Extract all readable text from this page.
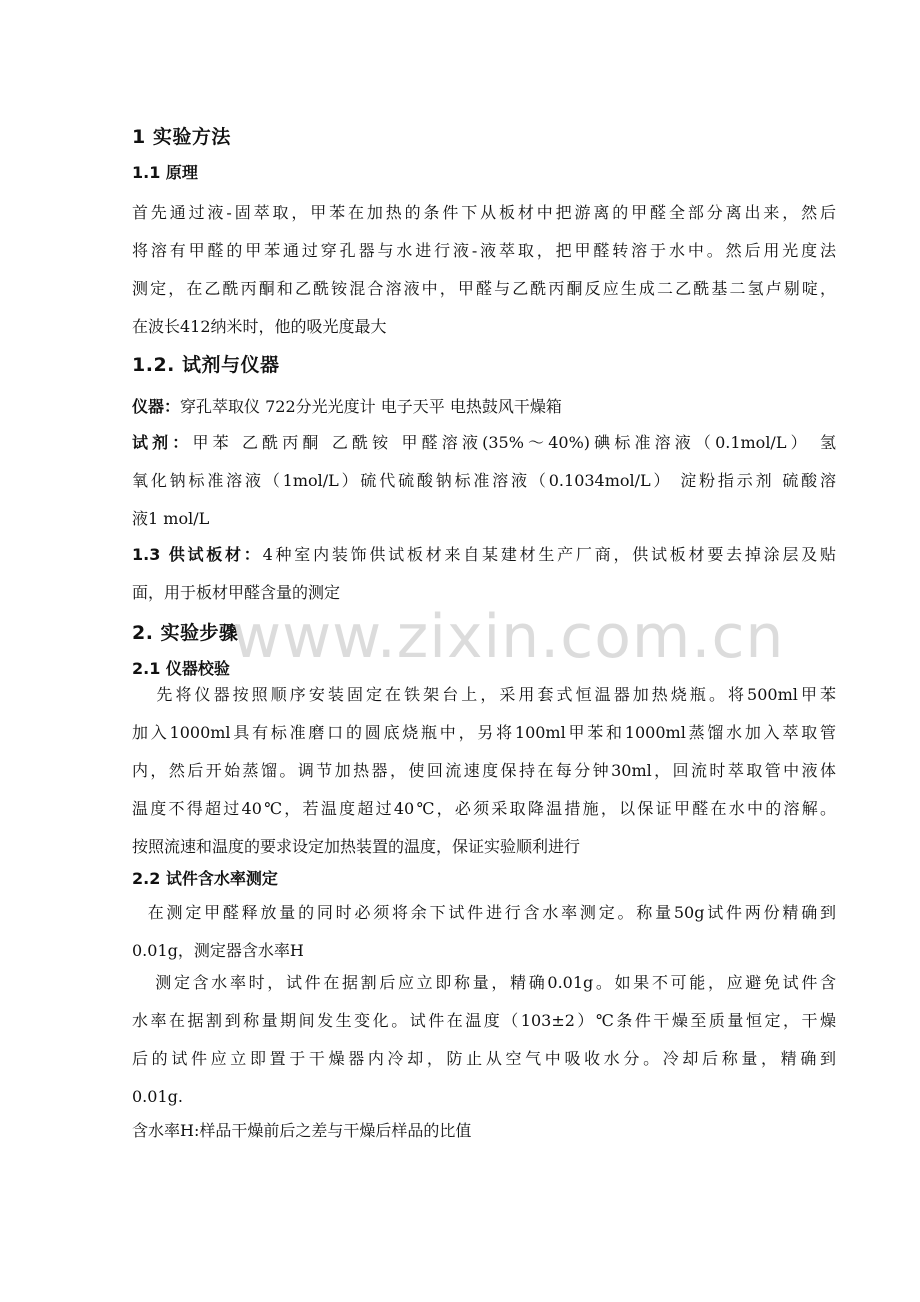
1 实验方法
1.1 原理
首先通过液-固萃取，甲苯在加热的条件下从板材中把游离的甲醛全部分离出来，然后
将溶有甲醛的甲苯通过穿孔器与水进行液-液萃取，把甲醛转溶于水中。然后用光度法
测定，在乙酰丙酮和乙酰铵混合溶液中，甲醛与乙酰丙酮反应生成二乙酰基二氢卢剔啶，
在波长412纳米时，他的吸光度最大
1.2. 试剂与仪器
仪器：穿孔萃取仪 722分光光度计 电子天平 电热鼓风干燥箱
试剂：甲苯 乙酰丙酮 乙酰铵 甲醛溶液(35%～40%)碘标准溶液（0.1mol/L） 氢
氧化钠标准溶液（1mol/L）硫代硫酸钠标准溶液（0.1034mol/L） 淀粉指示剂 硫酸溶
液1 mol/L
1.3 供试板材：4种室内装饰供试板材来自某建材生产厂商，供试板材要去掉涂层及贴
面，用于板材甲醛含量的测定
2. 实验步骤
www.zixin.com.cn
2.1 仪器校验
先将仪器按照顺序安装固定在铁架台上，采用套式恒温器加热烧瓶。将500ml甲苯
加入1000ml具有标准磨口的圆底烧瓶中，另将100ml甲苯和1000ml蒸馏水加入萃取管
内，然后开始蒸馏。调节加热器，使回流速度保持在每分钟30ml，回流时萃取管中液体
温度不得超过40℃，若温度超过40℃，必须采取降温措施，以保证甲醛在水中的溶解。
按照流速和温度的要求设定加热装置的温度，保证实验顺利进行
2.2 试件含水率测定
在测定甲醛释放量的同时必须将余下试件进行含水率测定。称量50g试件两份精确到
0.01g，测定器含水率H
测定含水率时，试件在据割后应立即称量，精确0.01g。如果不可能，应避免试件含
水率在据割到称量期间发生变化。试件在温度（103±2）℃条件干燥至质量恒定，干燥
后的试件应立即置于干燥器内冷却，防止从空气中吸收水分。冷却后称量，精确到
0.01g.
含水率H:样品干燥前后之差与干燥后样品的比值
